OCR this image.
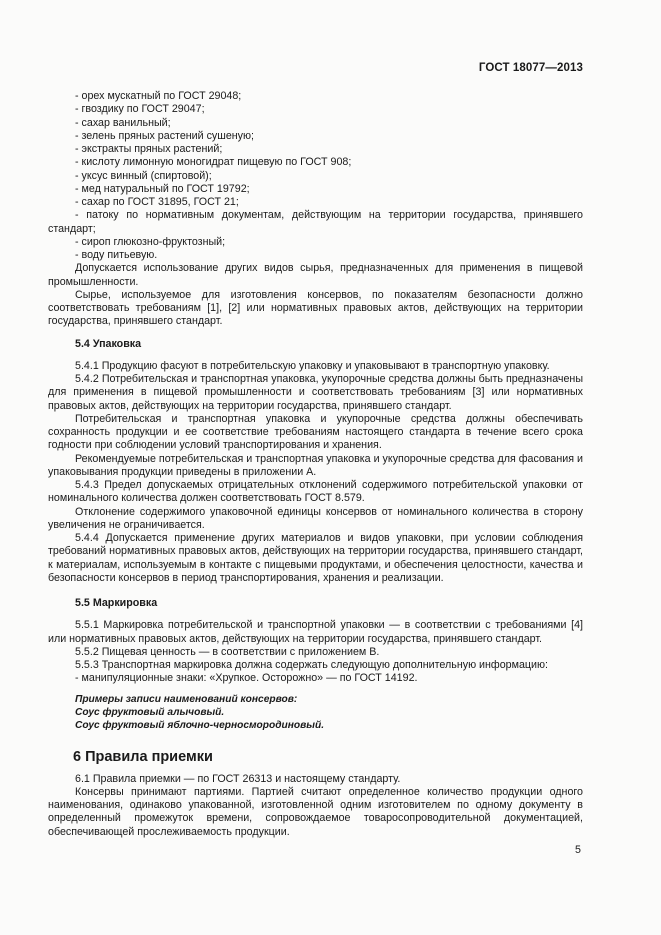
ГОСТ 18077—2013

- орех мускатный по ГОСТ 29048;

- гвоздику по ГОСТ 29047;

- сахар ванильный;

- зелень пряных растений сушеную;

- экстракты пряных растений;

- кислоту лимонную моногидрат пищевую по ГОСТ 908;

- уксус винный (спиртовой);

- мед натуральный по ГОСТ 19792;

- сахар по ГОСТ 31895, ГОСТ 21;

- патоку по нормативным документам, действующим на территории государства, принявшего стандарт;

- сироп глюкозно-фруктозный;

- воду питьевую.

Допускается использование других видов сырья, предназначенных для применения в пищевой промышленности.

Сырье, используемое для изготовления консервов, по показателям безопасности должно соответствовать требованиям [1], [2] или нормативных правовых актов, действующих на территории государства, принявшего стандарт.

5.4 Упаковка

5.4.1 Продукцию фасуют в потребительскую упаковку и упаковывают в транспортную упаковку.

5.4.2 Потребительская и транспортная упаковка, укупорочные средства должны быть предназначены для применения в пищевой промышленности и соответствовать требованиям [3] или нормативных правовых актов, действующих на территории государства, принявшего стандарт.

Потребительская и транспортная упаковка и укупорочные средства должны обеспечивать сохранность продукции и ее соответствие требованиям настоящего стандарта в течение всего срока годности при соблюдении условий транспортирования и хранения.

Рекомендуемые потребительская и транспортная упаковка и укупорочные средства для фасования и упаковывания продукции приведены в приложении А.

5.4.3 Предел допускаемых отрицательных отклонений содержимого потребительской упаковки от номинального количества должен соответствовать ГОСТ 8.579.

Отклонение содержимого упаковочной единицы консервов от номинального количества в сторону увеличения не ограничивается.

5.4.4 Допускается применение других материалов и видов упаковки, при условии соблюдения требований нормативных правовых актов, действующих на территории государства, принявшего стандарт, к материалам, используемым в контакте с пищевыми продуктами, и обеспечения целостности, качества и безопасности консервов в период транспортирования, хранения и реализации.

5.5 Маркировка

5.5.1 Маркировка потребительской и транспортной упаковки — в соответствии с требованиями [4] или нормативных правовых актов, действующих на территории государства, принявшего стандарт.

5.5.2 Пищевая ценность — в соответствии с приложением В.

5.5.3 Транспортная маркировка должна содержать следующую дополнительную информацию:

- манипуляционные знаки: «Хрупкое. Осторожно» — по ГОСТ 14192.

Примеры записи наименований консервов:

Соус фруктовый алычовый.

Соус фруктовый яблочно-черносмородиновый.

6 Правила приемки

6.1 Правила приемки — по ГОСТ 26313 и настоящему стандарту.

Консервы принимают партиями. Партией считают определенное количество продукции одного наименования, одинаково упакованной, изготовленной одним изготовителем по одному документу в определенный промежуток времени, сопровождаемое товаросопроводительной документацией, обеспечивающей прослеживаемость продукции.

5
